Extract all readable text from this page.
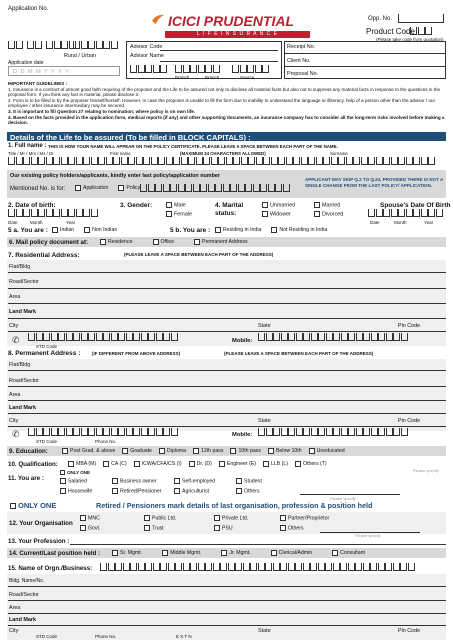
Application No.
Opp. No.
Product Code
(Please take code from quotation)
ICICI PRUDENTIAL
L I F E I N S U R A N C E
Rural / Urban
Application date
D D M M Y Y Y Y
Advisor Code
Advisor Name
Branch	Branch	Source
Receipt No.
Client No.
Proposal No.
IMPORTANT GUIDELINES :
1. Insurance is a contract of utmost good faith requiring of the proposer and the Life to be assured not only to disclose all material facts but also not to suppress any material facts in response to the questions in the proposal form. If you think any fact is material, please disclose it.
2. Form is to be filled in by the proposer himself/herself. However, in case the proposer is unable to fill the form due to inability to understand the language or illiteracy, help of a person other than the advisor / our employee / other insurance intermediary may be secured.
3. It is important to fill Question 27 relating to nomination; where policy is on own life.
4. Based on the facts provided in the application form, medical reports (if any) and other supporting documents, an insurance company has to consider all the long-term risks involved before making a decision.
Details of the Life to be assured (To be filled in BLOCK CAPITALS) :
1. Full name : THIS IS HOW YOUR NAME WILL APPEAR ON THE POLICY CERTIFICATE. PLEASE LEAVE A SPACE BETWEEN EACH PART OF THE NAME.
Title / Mr / Mrs / Ms / Dr	First name	(MAXIMUM 34 CHARACTERS ALLOWED)	Surname
Our existing policy holders/applicants, kindly enter last policy/application number
Mentioned No. is for:	Application	Policy
APPLICANT MAY SKIP Q.2 TO Q.24, PROVIDED THERE IS NOT A SINGLE CHANGE FROM THE LAST POLICY/ APPLICATION.
2. Date of birth:
Date	Month	Year
3. Gender:	Male
Female
4. Marital status:
Unmarried
Widower
Married
Divorced
Spouse's Date Of Birth
Date	Month	Year
5 a. You are : Indian	Non Indian	5 b. You are : Residing in India	Not Residing in India
6. Mail policy document at:	Residence	Office	Permanent Address
7. Residential Address:	(PLEASE LEAVE A SPACE BETWEEN EACH PART OF THE ADDRESS)
Flat/Bldg
Road/Sector
Area
Land Mark
City	State	Pin Code
✆	Mobile:
STD Code
8. Permanent Address :	(IF DIFFERENT FROM ABOVE ADDRESS)	(PLEASE LEAVE A SPACE BETWEEN EACH PART OF THE ADDRESS)
Flat/Bldg
Road/Sector
Area
Land Mark
City	State	Pin Code
✆	Mobile:
STD Code	Phone No.
9. Education:	Post Grad. & above	Graduate	Diploma	12th pass	10th pass	Below 10th	Uneducated
10. Qualification:	MBA (M)	CA (C)	ICWA/CFA/CS (I)	Dr. (D)	Engineer (E)	LLB (L)	Others (T)
Please specify
ONLY ONE
11. You are :	Salaried	Business owner	Self-employed	Student
Housewife	Retired/Pensioner	Agriculturist	Others
Please specify
ONLY ONE	Retired / Pensioners mark details of last organisation, profession & position held
12. Your Organisation
MNC	Public Ltd.	Private Ltd.	Partner/Proprietor
Govt.	Trust	PSU	Others
Please specify
13. Your Profession :
14. Current/Last position held :	Sr. Mgmt.	Middle Mgmt.	Jr. Mgmt.	Clerical/Admin	Consultant
15. Name of Orgn./Business:
Bldg. Name/No.
Road/Sector
Area
Land Mark
City	State	Pin Code
STD Code	Phone No.	E X T N
